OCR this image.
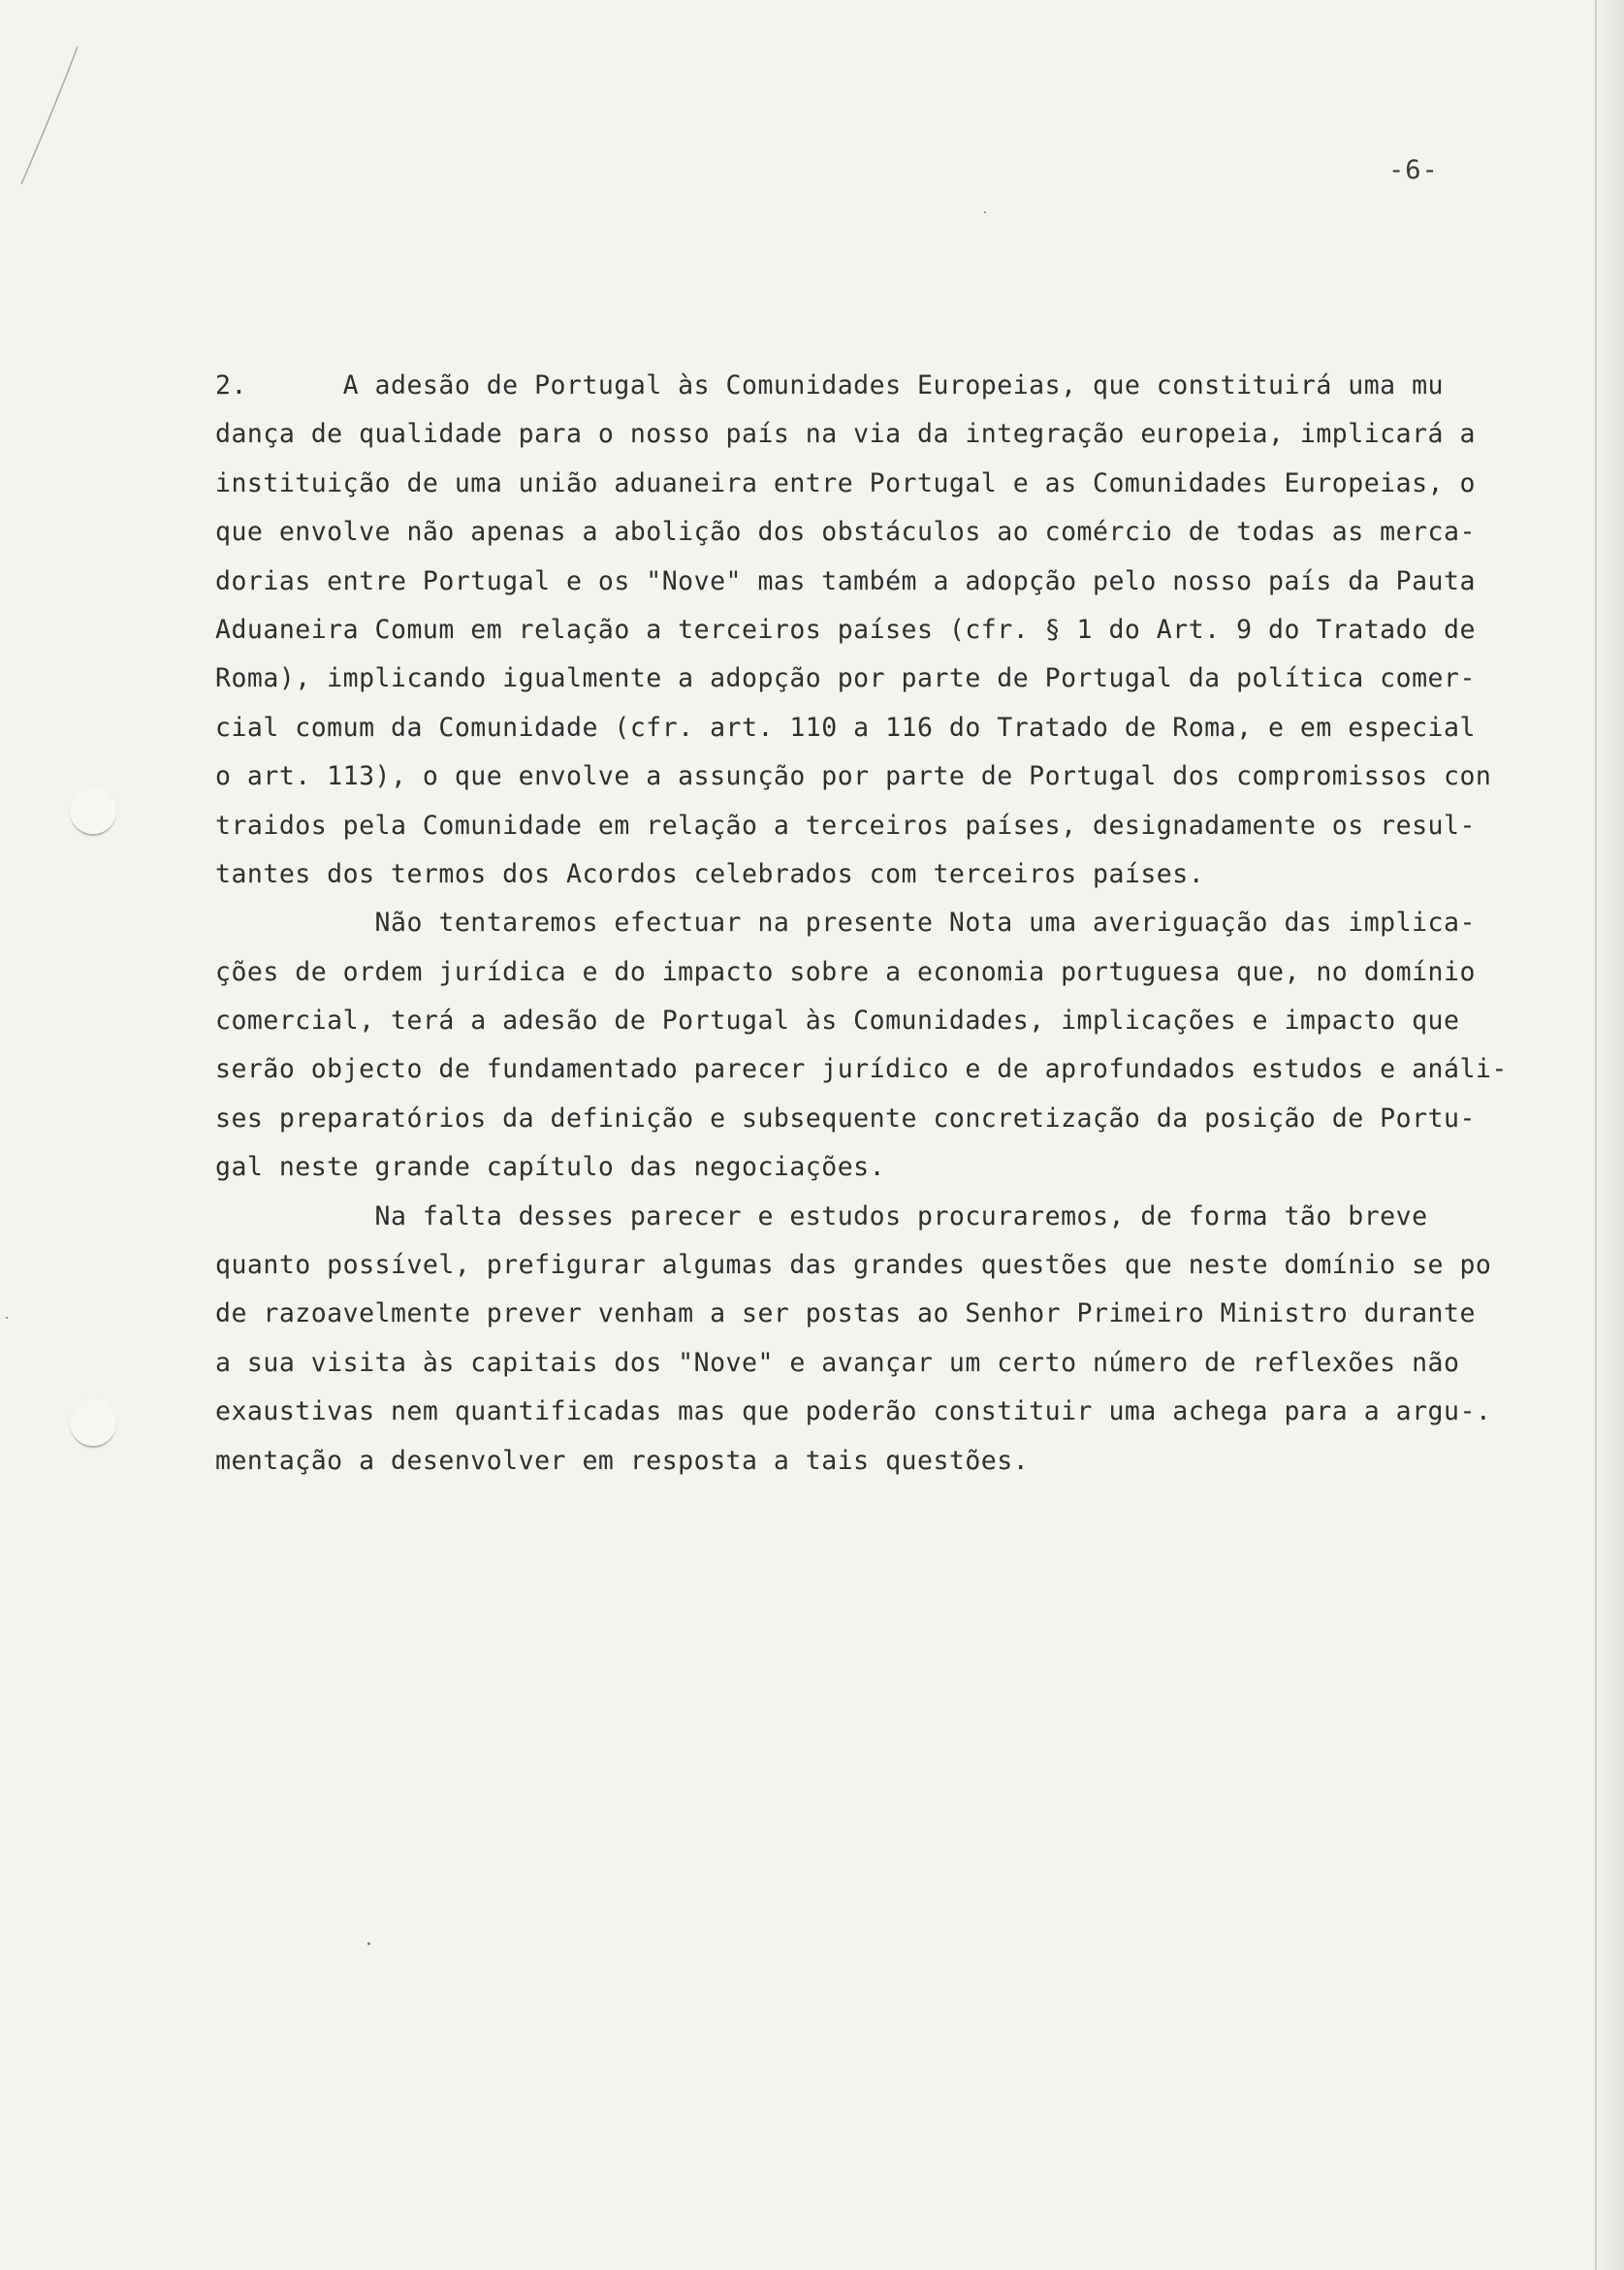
-6-
2.      A adesão de Portugal às Comunidades Europeias, que constituirá uma mu
dança de qualidade para o nosso país na via da integração europeia, implicará a
instituição de uma união aduaneira entre Portugal e as Comunidades Europeias, o
que envolve não apenas a abolição dos obstáculos ao comércio de todas as merca-
dorias entre Portugal e os "Nove" mas também a adopção pelo nosso país da Pauta
Aduaneira Comum em relação a terceiros países (cfr. § 1 do Art. 9 do Tratado de
Roma), implicando igualmente a adopção por parte de Portugal da política comer-
cial comum da Comunidade (cfr. art. 110 a 116 do Tratado de Roma, e em especial
o art. 113), o que envolve a assunção por parte de Portugal dos compromissos con
traidos pela Comunidade em relação a terceiros países, designadamente os resul-
tantes dos termos dos Acordos celebrados com terceiros países.
Não tentaremos efectuar na presente Nota uma averiguação das implica-
ções de ordem jurídica e do impacto sobre a economia portuguesa que, no domínio
comercial, terá a adesão de Portugal às Comunidades, implicações e impacto que
serão objecto de fundamentado parecer jurídico e de aprofundados estudos e análi-
ses preparatórios da definição e subsequente concretização da posição de Portu-
gal neste grande capítulo das negociações.
Na falta desses parecer e estudos procuraremos, de forma tão breve
quanto possível, prefigurar algumas das grandes questões que neste domínio se po
de razoavelmente prever venham a ser postas ao Senhor Primeiro Ministro durante
a sua visita às capitais dos "Nove" e avançar um certo número de reflexões não
exaustivas nem quantificadas mas que poderão constituir uma achega para a argu-.
mentação a desenvolver em resposta a tais questões.
